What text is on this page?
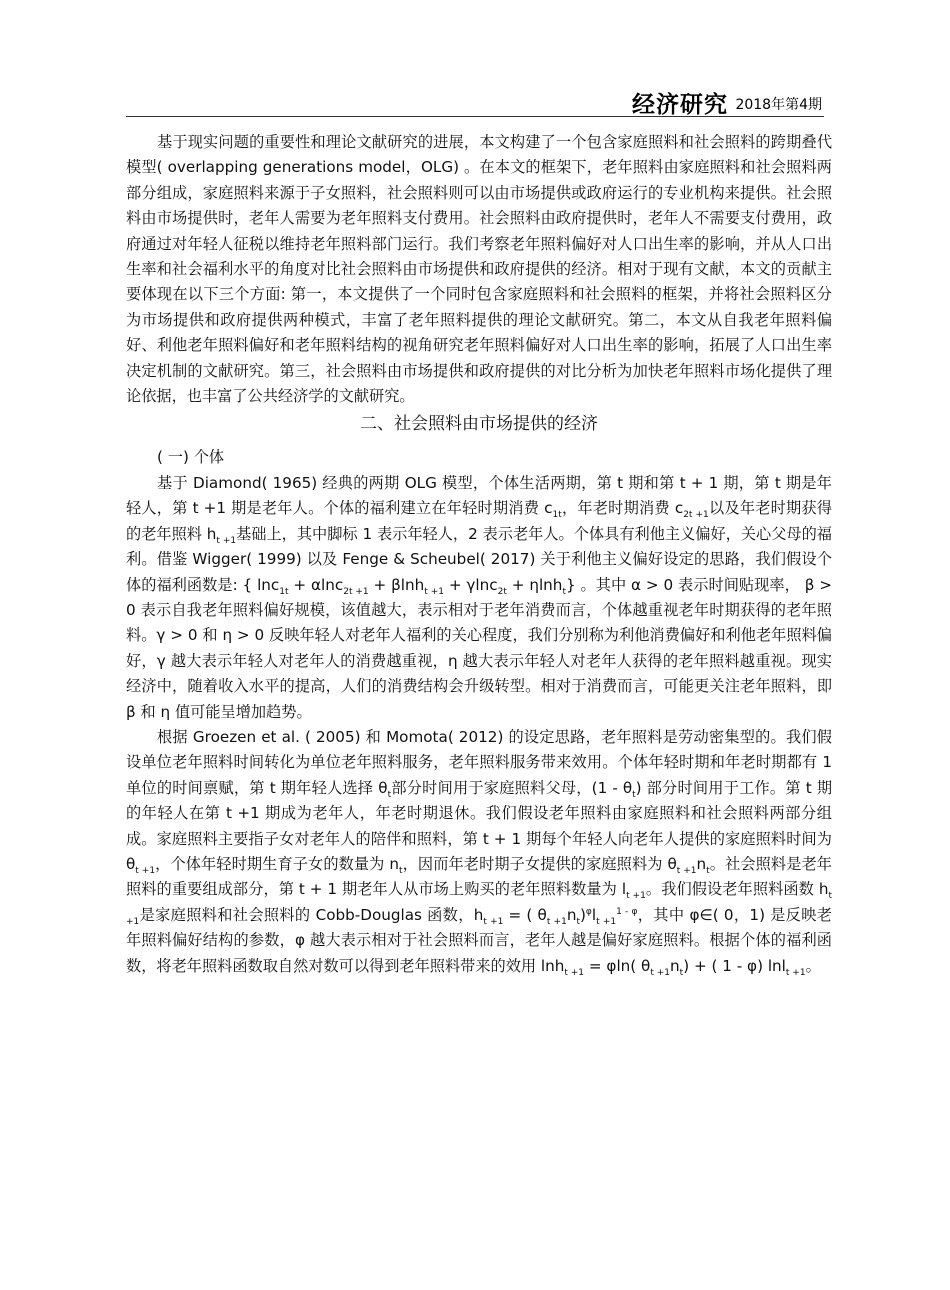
经济研究 2018年第4期

基于现实问题的重要性和理论文献研究的进展，本文构建了一个包含家庭照料和社会照料的跨期叠代模型( overlapping generations model，OLG) 。在本文的框架下，老年照料由家庭照料和社会照料两部分组成，家庭照料来源于子女照料，社会照料则可以由市场提供或政府运行的专业机构来提供。社会照料由市场提供时，老年人需要为老年照料支付费用。社会照料由政府提供时，老年人不需要支付费用，政府通过对年轻人征税以维持老年照料部门运行。我们考察老年照料偏好对人口出生率的影响，并从人口出生率和社会福利水平的角度对比社会照料由市场提供和政府提供的经济。相对于现有文献，本文的贡献主要体现在以下三个方面: 第一，本文提供了一个同时包含家庭照料和社会照料的框架，并将社会照料区分为市场提供和政府提供两种模式，丰富了老年照料提供的理论文献研究。第二，本文从自我老年照料偏好、利他老年照料偏好和老年照料结构的视角研究老年照料偏好对人口出生率的影响，拓展了人口出生率决定机制的文献研究。第三，社会照料由市场提供和政府提供的对比分析为加快老年照料市场化提供了理论依据，也丰富了公共经济学的文献研究。

二、社会照料由市场提供的经济

( 一) 个体

基于 Diamond( 1965) 经典的两期 OLG 模型，个体生活两期，第 t 期和第 t + 1 期，第 t 期是年轻人，第 t +1 期是老年人。个体的福利建立在年轻时期消费 $c_{1t}$，年老时期消费 $c_{2t +1}$以及年老时期获得的老年照料 $h_{t +1}$基础上，其中脚标 1 表示年轻人，2 表示老年人。个体具有利他主义偏好，关心父母的福利。借鉴 Wigger( 1999) 以及 Fenge & Scheubel( 2017) 关于利他主义偏好设定的思路，我们假设个体的福利函数是: { lnc$_{1t}$ + αlnc$_{2t +1}$ + βlnh$_{t +1}$ + γlnc$_{2t}$ + ηlnh$_t$} 。其中 α > 0 表示时间贴现率， β > 0 表示自我老年照料偏好规模，该值越大，表示相对于老年消费而言，个体越重视老年时期获得的老年照料。γ > 0 和 η > 0 反映年轻人对老年人福利的关心程度，我们分别称为利他消费偏好和利他老年照料偏好，γ 越大表示年轻人对老年人的消费越重视，η 越大表示年轻人对老年人获得的老年照料越重视。现实经济中，随着收入水平的提高，人们的消费结构会升级转型。相对于消费而言，可能更关注老年照料，即 β 和 η 值可能呈增加趋势。

根据 Groezen et al. ( 2005) 和 Momota( 2012) 的设定思路，老年照料是劳动密集型的。我们假设单位老年照料时间转化为单位老年照料服务，老年照料服务带来效用。个体年轻时期和年老时期都有 1 单位的时间禀赋，第 t 期年轻人选择 $\theta_t$部分时间用于家庭照料父母，$(1 - \theta_t)$ 部分时间用于工作。第 t 期的年轻人在第 t +1 期成为老年人，年老时期退休。我们假设老年照料由家庭照料和社会照料两部分组成。家庭照料主要指子女对老年人的陪伴和照料，第 t + 1 期每个年轻人向老年人提供的家庭照料时间为 $\theta_{t +1}$，个体年轻时期生育子女的数量为 $n_t$，因而年老时期子女提供的家庭照料为 $\theta_{t +1}n_t$。社会照料是老年照料的重要组成部分，第 t + 1 期老年人从市场上购买的老年照料数量为 $l_{t +1}$。我们假设老年照料函数 $h_{t +1}$是家庭照料和社会照料的 Cobb-Douglas 函数，$h_{t +1}$ = ( $\theta_{t +1}n_t)^\varphi l_{t +1}^{1 - \varphi}$，其中 φ∈( 0，1) 是反映老年照料偏好结构的参数，φ 越大表示相对于社会照料而言，老年人越是偏好家庭照料。根据个体的福利函数，将老年照料函数取自然对数可以得到老年照料带来的效用 lnh$_{t +1}$ = φln( $\theta_{t +1}n_t$) + ( 1 - φ) lnl$_{t +1}$。
